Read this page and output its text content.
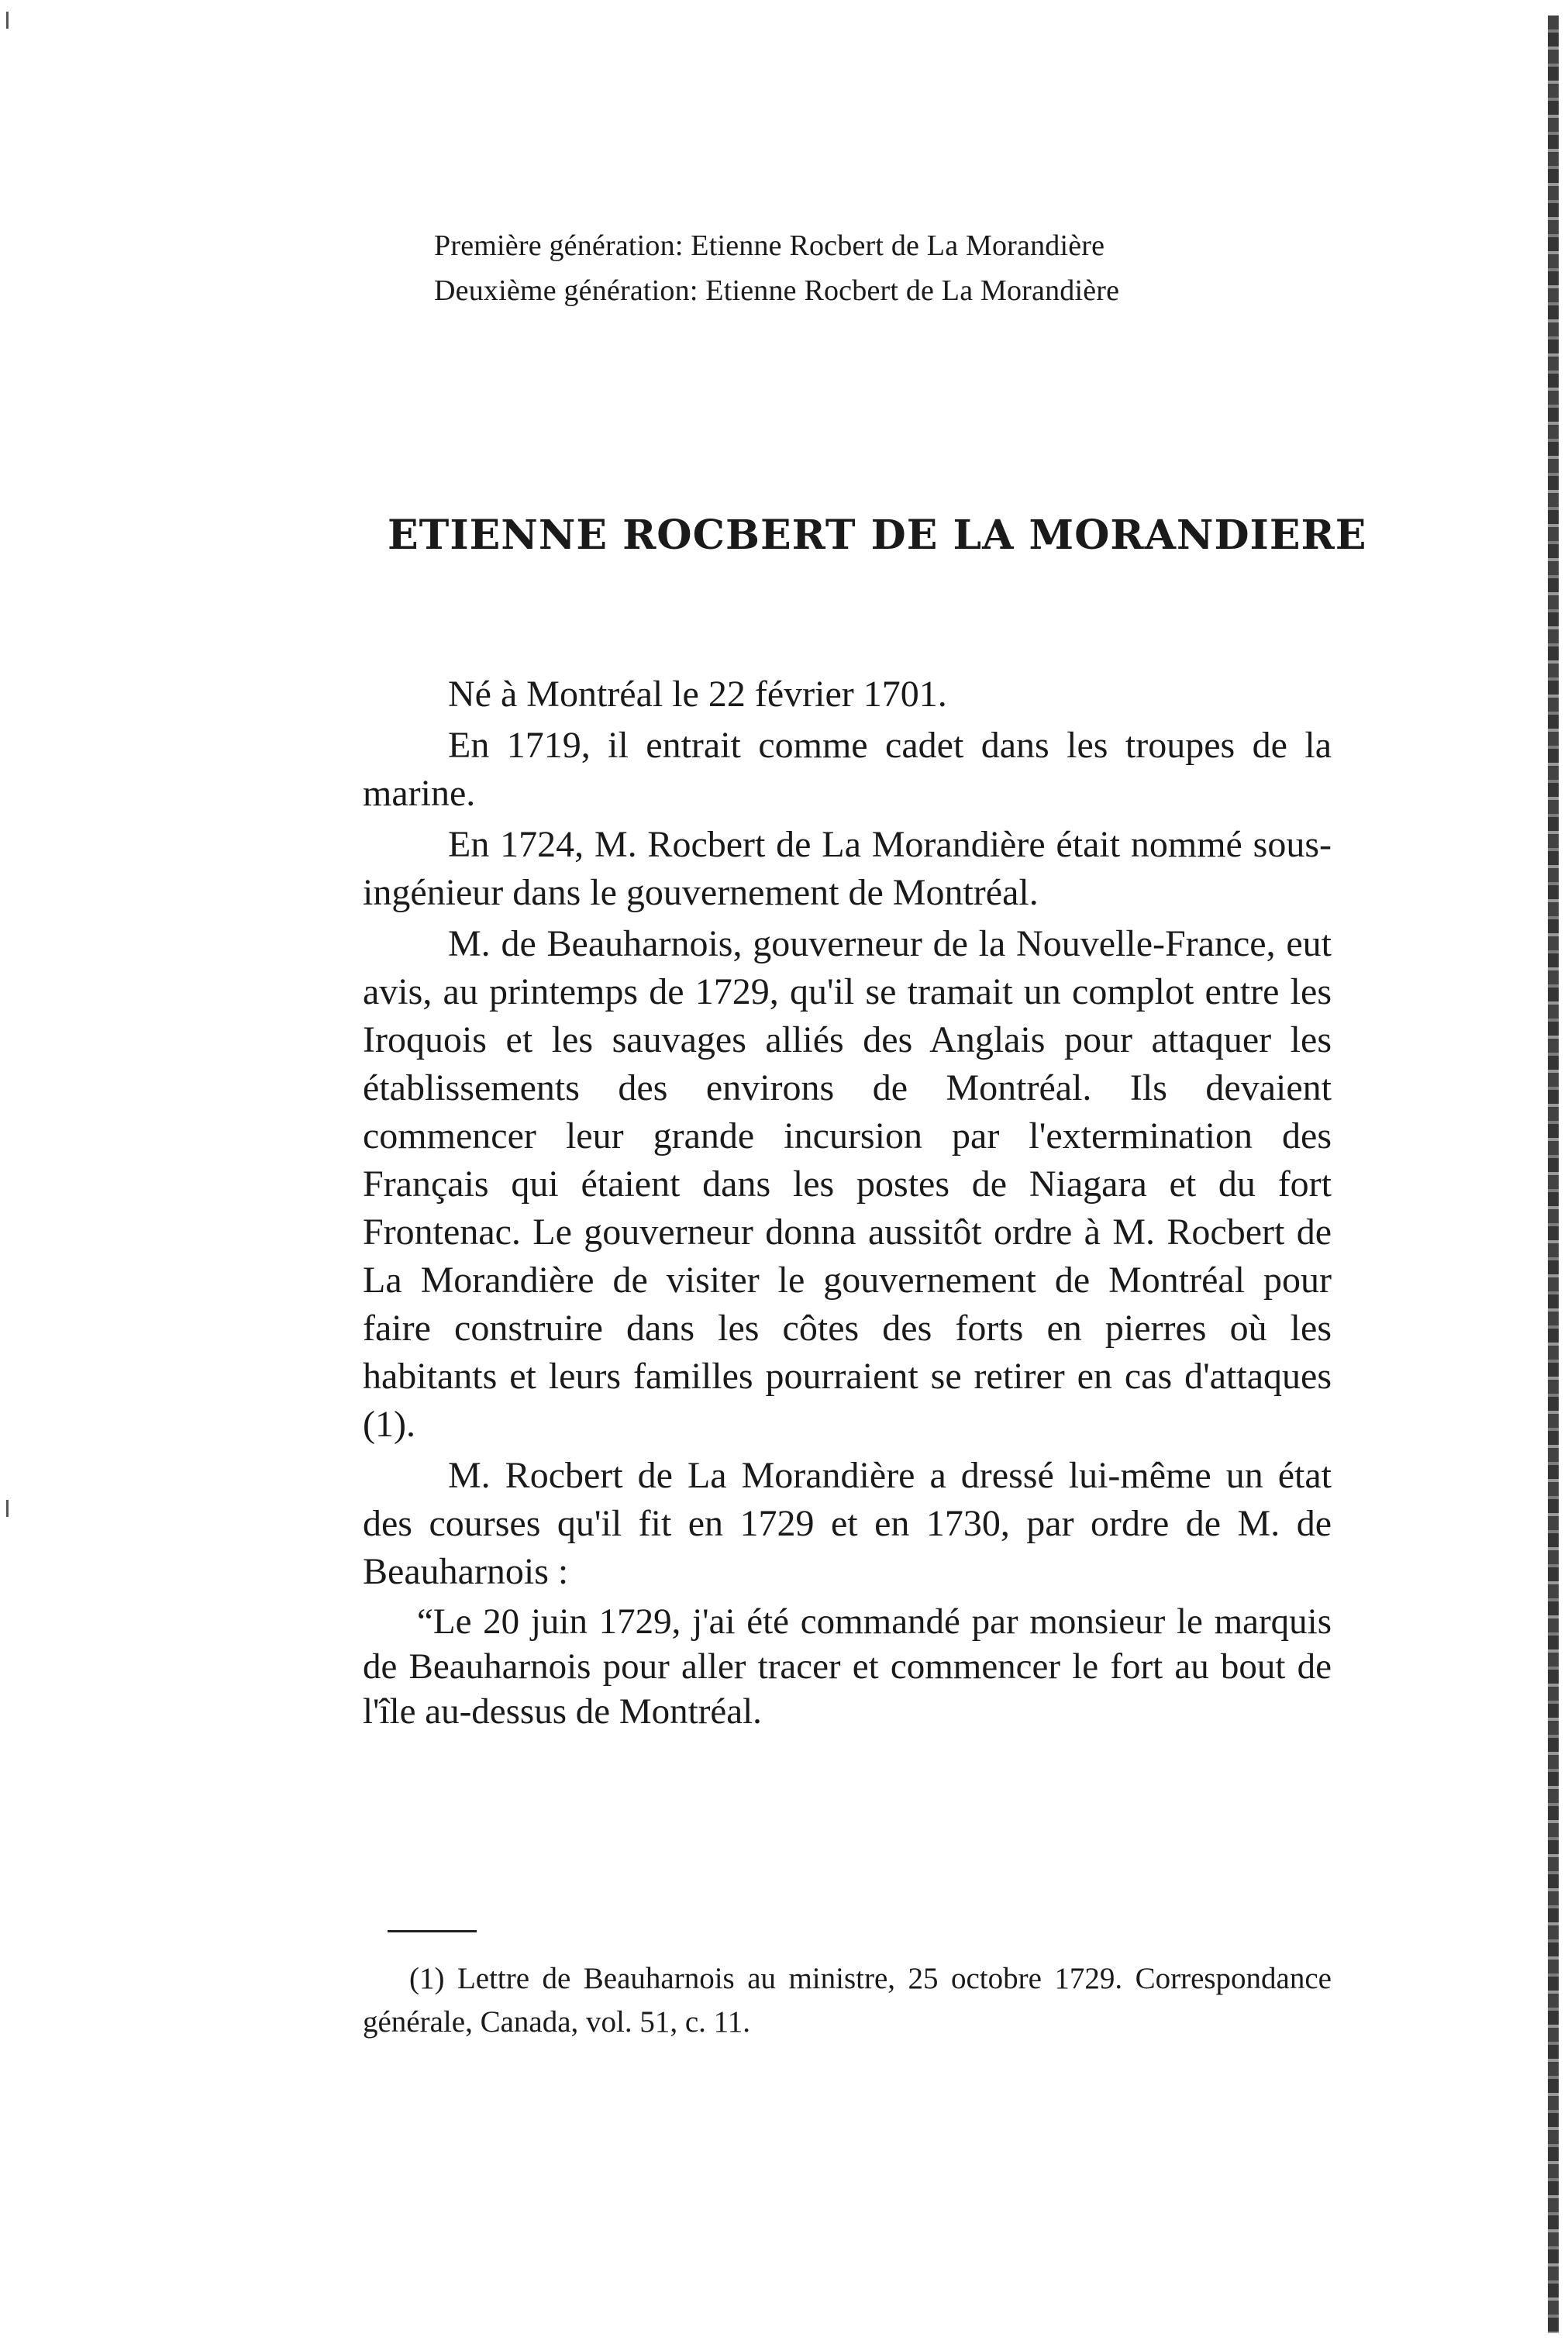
Première génération: Etienne Rocbert de La Morandière
Deuxième génération: Etienne Rocbert de La Morandière
ETIENNE ROCBERT DE LA MORANDIERE

Né à Montréal le 22 février 1701.

En 1719, il entrait comme cadet dans les troupes de la marine.

En 1724, M. Rocbert de La Morandière était nommé sous-ingénieur dans le gouvernement de Montréal.

M. de Beauharnois, gouverneur de la Nouvelle-France, eut avis, au printemps de 1729, qu'il se tramait un complot entre les Iroquois et les sauvages alliés des Anglais pour attaquer les établissements des environs de Montréal. Ils devaient commencer leur grande incursion par l'extermination des Français qui étaient dans les postes de Niagara et du fort Frontenac. Le gouverneur donna aussitôt ordre à M. Rocbert de La Morandière de visiter le gouvernement de Montréal pour faire construire dans les côtes des forts en pierres où les habitants et leurs familles pourraient se retirer en cas d'attaques (1).

M. Rocbert de La Morandière a dressé lui-même un état des courses qu'il fit en 1729 et en 1730, par ordre de M. de Beauharnois :

“Le 20 juin 1729, j'ai été commandé par monsieur le marquis de Beauharnois pour aller tracer et commencer le fort au bout de l'île au-dessus de Montréal.

(1) Lettre de Beauharnois au ministre, 25 octobre 1729. Correspondance générale, Canada, vol. 51, c. 11.
